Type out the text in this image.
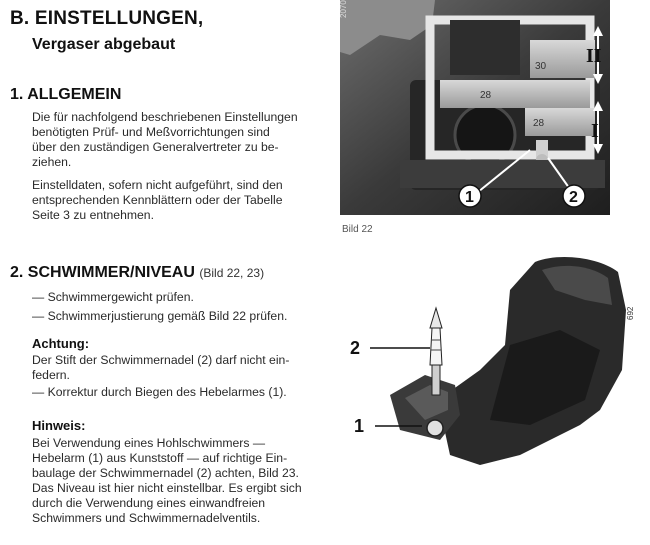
B. EINSTELLUNGEN,
Vergaser abgebaut
1. ALLGEMEIN
Die für nachfolgend beschriebenen Einstellungen
benötigten Prüf- und Meßvorrichtungen sind
über den zuständigen Generalvertreter zu be-
ziehen.
Einstelldaten, sofern nicht aufgeführt, sind den
entsprechenden Kennblättern oder der Tabelle
Seite 3 zu entnehmen.
2. SCHWIMMER/NIVEAU (Bild 22, 23)
— Schwimmergewicht prüfen.
— Schwimmerjustierung gemäß Bild 22 prüfen.
Achtung:
Der Stift der Schwimmernadel (2) darf nicht ein-
federn.
— Korrektur durch Biegen des Hebelarmes (1).
Hinweis:
Bei Verwendung eines Hohlschwimmers —
Hebelarm (1) aus Kunststoff — auf richtige Ein-
baulage der Schwimmernadel (2) achten, Bild 23.
Das Niveau ist hier nicht einstellbar. Es ergibt sich
durch die Verwendung eines einwandfreien
Schwimmers und Schwimmernadelventils.
30
28
28
II
I
1	2
2070
Bild 22
2
1
692
